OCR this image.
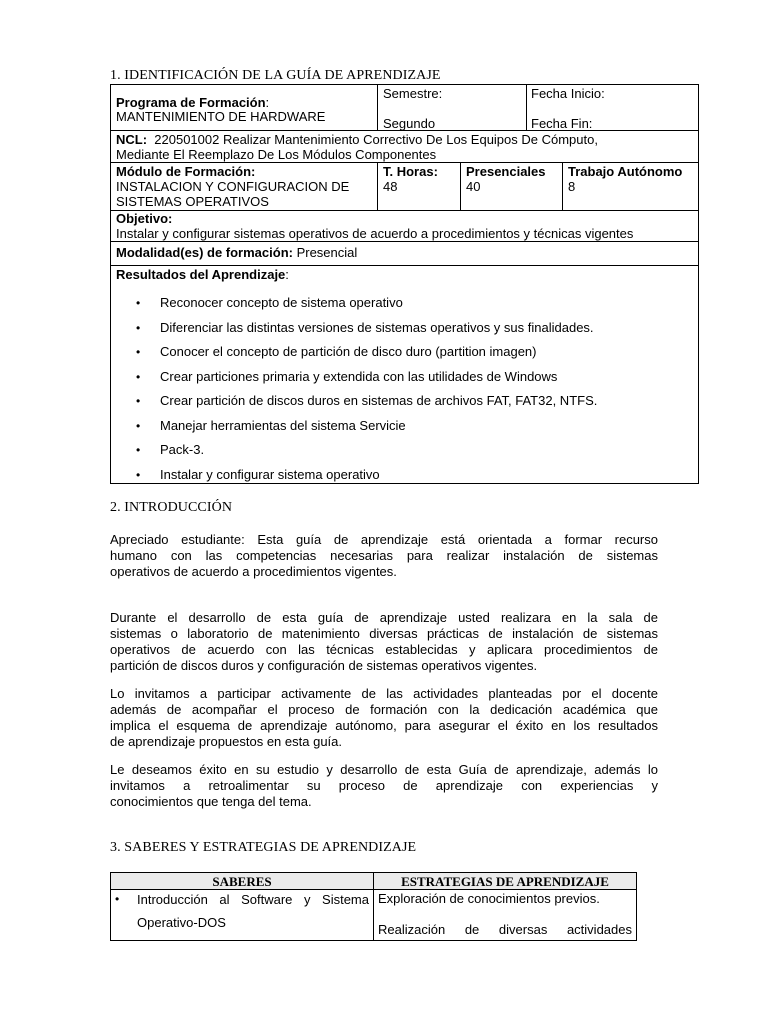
1. IDENTIFICACIÓN DE LA GUÍA DE APRENDIZAJE
Programa de Formación:
MANTENIMIENTO DE HARDWARE
Semestre:
Segundo
Fecha Inicio:
Fecha Fin:
NCL: 220501002 Realizar Mantenimiento Correctivo De Los Equipos De Cómputo,
Mediante El Reemplazo De Los Módulos Componentes
Módulo de Formación:
INSTALACION Y CONFIGURACION DE
SISTEMAS OPERATIVOS
T. Horas:
48
Presenciales
40
Trabajo Autónomo
8
Objetivo:
Instalar y configurar sistemas operativos de acuerdo a procedimientos y técnicas vigentes
Modalidad(es) de formación: Presencial
Resultados del Aprendizaje:
• Reconocer concepto de sistema operativo
• Diferenciar las distintas versiones de sistemas operativos y sus finalidades.
• Conocer el concepto de partición de disco duro (partition imagen)
• Crear particiones primaria y extendida con las utilidades de Windows
• Crear partición de discos duros en sistemas de archivos FAT, FAT32, NTFS.
• Manejar herramientas del sistema Servicie
• Pack-3.
• Instalar y configurar sistema operativo
2. INTRODUCCIÓN
Apreciado estudiante: Esta guía de aprendizaje está orientada a formar recurso
humano con las competencias necesarias para realizar instalación de sistemas
operativos de acuerdo a procedimientos vigentes.
Durante el desarrollo de esta guía de aprendizaje usted realizara en la sala de
sistemas o laboratorio de matenimiento diversas prácticas de instalación de sistemas
operativos de acuerdo con las técnicas establecidas y aplicara procedimientos de
partición de discos duros y configuración de sistemas operativos vigentes.
Lo invitamos a participar activamente de las actividades planteadas por el docente
además de acompañar el proceso de formación con la dedicación académica que
implica el esquema de aprendizaje autónomo, para asegurar el éxito en los resultados
de aprendizaje propuestos en esta guía.
Le deseamos éxito en su estudio y desarrollo de esta Guía de aprendizaje, además lo
invitamos a retroalimentar su proceso de aprendizaje con experiencias y
conocimientos que tenga del tema.
3. SABERES Y ESTRATEGIAS DE APRENDIZAJE
SABERES	ESTRATEGIAS DE APRENDIZAJE
• Introducción al Software y Sistema
Operativo-DOS
Exploración de conocimientos previos.
Realización de diversas actividades
